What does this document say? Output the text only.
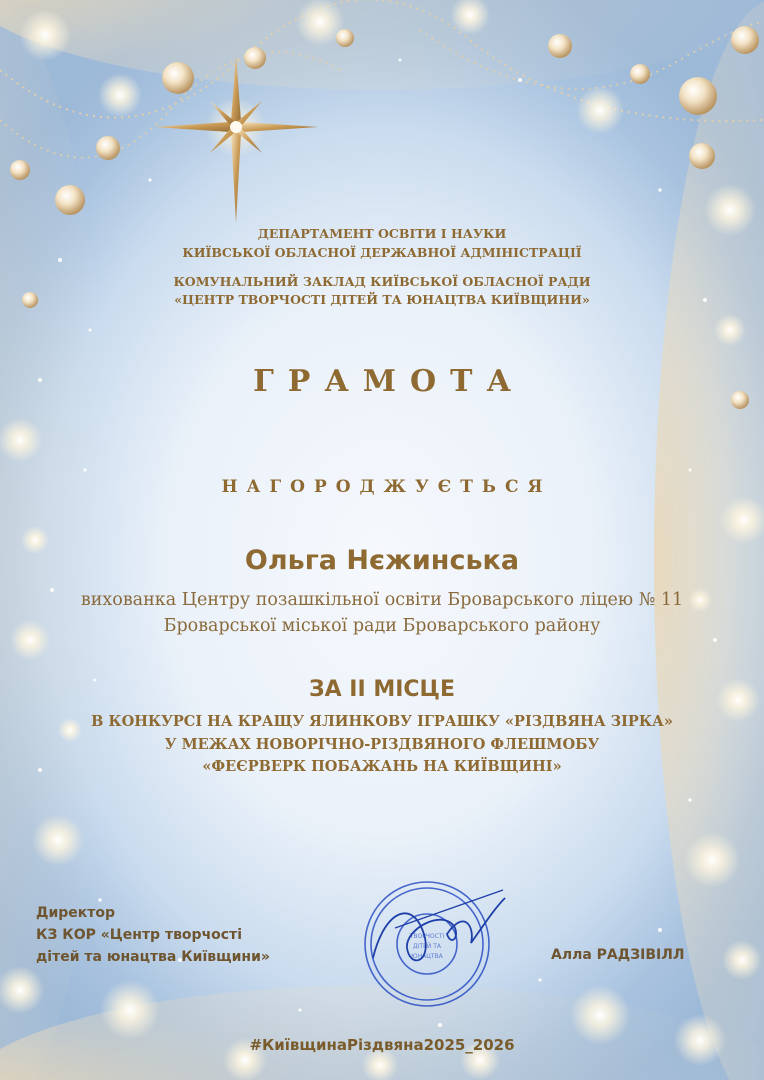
ДЕПАРТАМЕНТ ОСВІТИ І НАУКИ
КИЇВСЬКОЇ ОБЛАСНОЇ ДЕРЖАВНОЇ АДМІНІСТРАЦІЇ
КОМУНАЛЬНИЙ ЗАКЛАД КИЇВСЬКОЇ ОБЛАСНОЇ РАДИ
«ЦЕНТР ТВОРЧОСТІ ДІТЕЙ ТА ЮНАЦТВА КИЇВЩИНИ»
ГРАМОТА
НАГОРОДЖУЄТЬСЯ
Ольга Нєжинська
вихованка Центру позашкільної освіти Броварського ліцею № 11
Броварської міської ради Броварського району
ЗА ІІ МІСЦЕ
В КОНКУРСІ НА КРАЩУ ЯЛИНКОВУ ІГРАШКУ «РІЗДВЯНА ЗІРКА»
У МЕЖАХ НОВОРІЧНО-РІЗДВЯНОГО ФЛЕШМОБУ
«ФЕЄРВЕРК ПОБАЖАНЬ НА КИЇВЩИНІ»
ТВОРЧОСТІ
ДІТЕЙ ТА
ЮНАЦТВА
Директор
КЗ КОР «Центр творчості
дітей та юнацтва Київщини»	Алла РАДЗІВІЛЛ
#КиївщинаРіздвяна2025_2026
